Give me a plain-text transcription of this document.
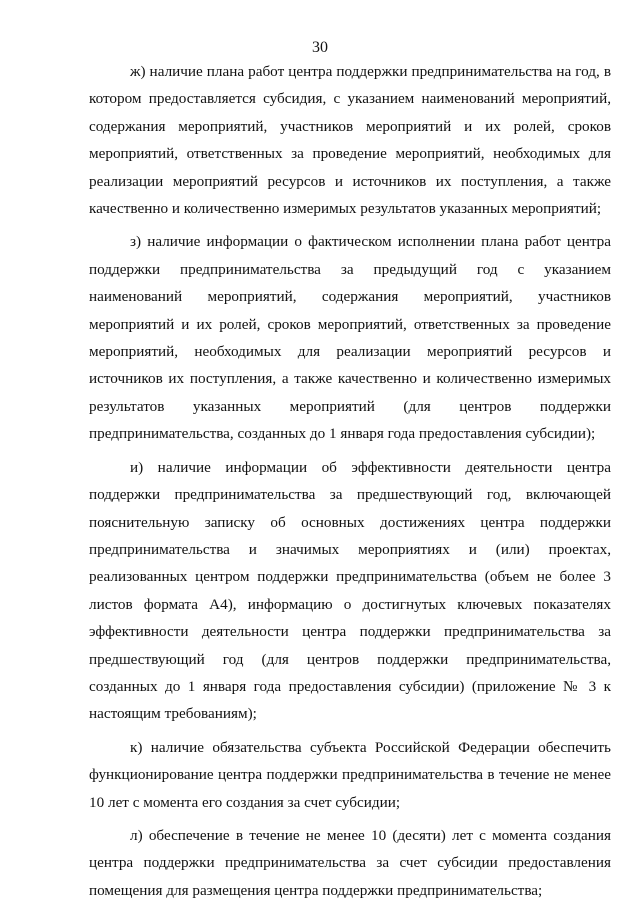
30

ж) наличие плана работ центра поддержки предпринимательства на год, в котором предоставляется субсидия, с указанием наименований мероприятий, содержания мероприятий, участников мероприятий и их ролей, сроков мероприятий, ответственных за проведение мероприятий, необходимых для реализации мероприятий ресурсов и источников их поступления, а также качественно и количественно измеримых результатов указанных мероприятий;

з) наличие информации о фактическом исполнении плана работ центра поддержки предпринимательства за предыдущий год с указанием наименований мероприятий, содержания мероприятий, участников мероприятий и их ролей, сроков мероприятий, ответственных за проведение мероприятий, необходимых для реализации мероприятий ресурсов и источников их поступления, а также качественно и количественно измеримых результатов указанных мероприятий (для центров поддержки предпринимательства, созданных до 1 января года предоставления субсидии);

и) наличие информации об эффективности деятельности центра поддержки предпринимательства за предшествующий год, включающей пояснительную записку об основных достижениях центра поддержки предпринимательства и значимых мероприятиях и (или) проектах, реализованных центром поддержки предпринимательства (объем не более 3 листов формата А4), информацию о достигнутых ключевых показателях эффективности деятельности центра поддержки предпринимательства за предшествующий год (для центров поддержки предпринимательства, созданных до 1 января года предоставления субсидии) (приложение № 3 к настоящим требованиям);

к) наличие обязательства субъекта Российской Федерации обеспечить функционирование центра поддержки предпринимательства в течение не менее 10 лет с момента его создания за счет субсидии;

л) обеспечение в течение не менее 10 (десяти) лет с момента создания центра поддержки предпринимательства за счет субсидии предоставления помещения для размещения центра поддержки предпринимательства;
